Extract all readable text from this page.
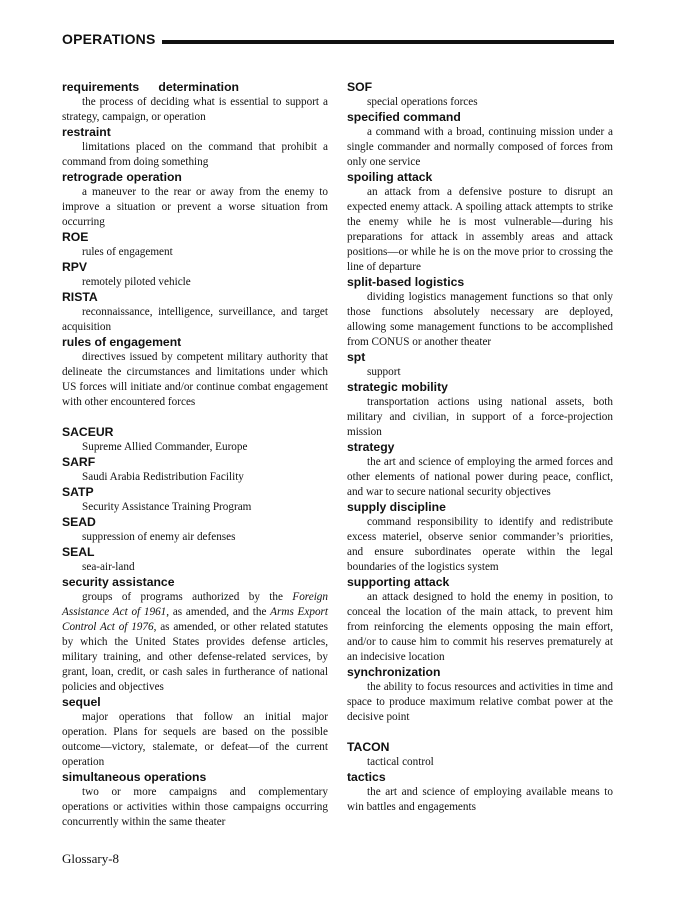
OPERATIONS

requirements   determination

the process of deciding what is essential to support a strategy, campaign, or operation

restraint

limitations placed on the command that prohibit a command from doing something

retrograde operation

a maneuver to the rear or away from the enemy to improve a situation or prevent a worse situation from occurring

ROE

rules of engagement

RPV

remotely piloted vehicle

RISTA

reconnaissance, intelligence, surveillance, and target acquisition

rules of engagement

directives issued by competent military authority that delineate the circumstances and limitations under which US forces will initiate and/or continue combat engagement with other encountered forces

SACEUR

Supreme Allied Commander, Europe

SARF

Saudi Arabia Redistribution Facility

SATP

Security Assistance Training Program

SEAD

suppression of enemy air defenses

SEAL

sea-air-land

security assistance

groups of programs authorized by the Foreign Assistance Act of 1961, as amended, and the Arms Export Control Act of 1976, as amended, or other related statutes by which the United States provides defense articles, military training, and other defense-related services, by grant, loan, credit, or cash sales in furtherance of national policies and objectives

sequel

major operations that follow an initial major operation. Plans for sequels are based on the possible outcome—victory, stalemate, or defeat—of the current operation

simultaneous operations

two or more campaigns and complementary operations or activities within those campaigns occurring concurrently within the same theater

SOF

special operations forces

specified command

a command with a broad, continuing mission under a single commander and normally composed of forces from only one service

spoiling attack

an attack from a defensive posture to disrupt an expected enemy attack. A spoiling attack attempts to strike the enemy while he is most vulnerable—during his preparations for attack in assembly areas and attack positions—or while he is on the move prior to crossing the line of departure

split-based logistics

dividing logistics management functions so that only those functions absolutely necessary are deployed, allowing some management functions to be accomplished from CONUS or another theater

spt

support

strategic mobility

transportation actions using national assets, both military and civilian, in support of a force-projection mission

strategy

the art and science of employing the armed forces and other elements of national power during peace, conflict, and war to secure national security objectives

supply discipline

command responsibility to identify and redistribute excess materiel, observe senior commander’s priorities, and ensure subordinates operate within the legal boundaries of the logistics system

supporting attack

an attack designed to hold the enemy in position, to conceal the location of the main attack, to prevent him from reinforcing the elements opposing the main effort, and/or to cause him to commit his reserves prematurely at an indecisive location

synchronization

the ability to focus resources and activities in time and space to produce maximum relative combat power at the decisive point

TACON

tactical control

tactics

the art and science of employing available means to win battles and engagements

Glossary-8
